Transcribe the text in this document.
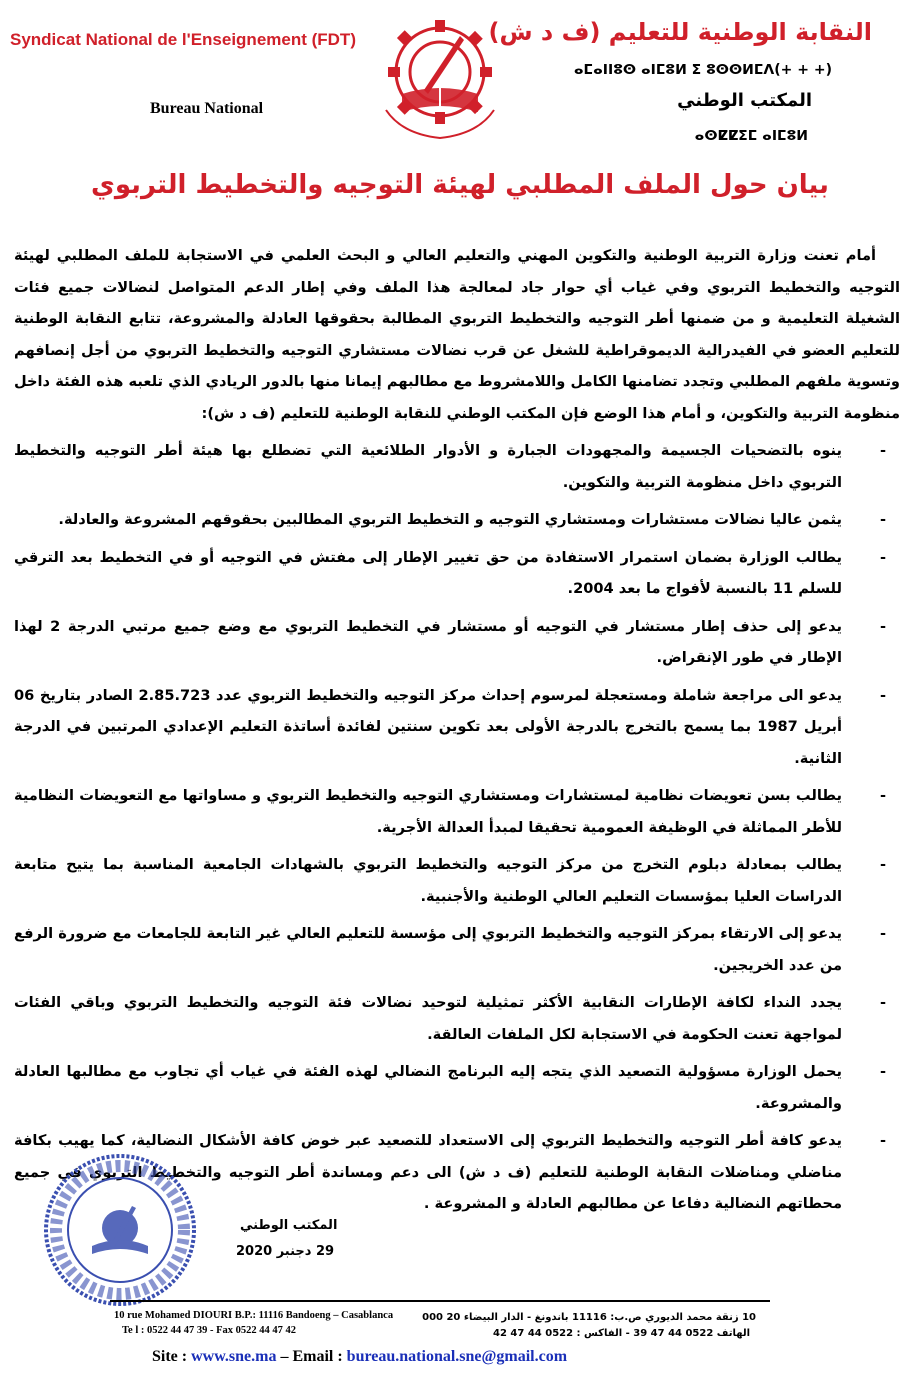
Syndicat National de l'Enseignement (FDT)
Bureau National
النقابة الوطنية للتعليم (ف د ش)
ⴰⵎⴰⵏⵏⵓⵙ ⴰⵏⵎⵓⵍ ⵉ ⵓⵙⵙⵍⵎⴷ(+ + +)
المكتب الوطني
ⴰⵙⵇⵇⵉⵎ ⴰⵏⵎⵓⵍ
بيان حول الملف المطلبي لهيئة التوجيه والتخطيط التربوي

أمام تعنت وزارة التربية الوطنية والتكوين المهني والتعليم العالي و البحث العلمي في الاستجابة للملف المطلبي لهيئة التوجيه والتخطيط التربوي وفي غياب أي حوار جاد لمعالجة هذا الملف وفي إطار الدعم المتواصل لنضالات جميع فئات الشغيلة التعليمية و من ضمنها أطر التوجيه والتخطيط التربوي المطالبة بحقوقها العادلة والمشروعة، تتابع النقابة الوطنية للتعليم العضو في الفيدرالية الديموقراطية للشغل عن قرب نضالات مستشاري التوجيه والتخطيط التربوي من أجل إنصافهم وتسوية ملفهم المطلبي وتجدد تضامنها الكامل واللامشروط مع مطالبهم إيمانا منها بالدور الريادي الذي تلعبه هذه الفئة داخل منظومة التربية والتكوين، و أمام هذا الوضع فإن المكتب الوطني للنقابة الوطنية للتعليم (ف د ش):

- ينوه بالتضحيات الجسيمة والمجهودات الجبارة و الأدوار الطلائعية التي تضطلع بها هيئة أطر التوجيه والتخطيط التربوي داخل منظومة التربية والتكوين.
- يثمن عاليا نضالات مستشارات ومستشاري التوجيه و التخطيط التربوي المطالبين بحقوقهم المشروعة والعادلة.
- يطالب الوزارة بضمان استمرار الاستفادة من حق تغيير الإطار إلى مفتش في التوجيه أو في التخطيط بعد الترقي للسلم 11 بالنسبة لأفواج ما بعد 2004.
- يدعو إلى حذف إطار مستشار في التوجيه أو مستشار في التخطيط التربوي مع وضع جميع مرتبي الدرجة 2 لهذا الإطار في طور الإنقراض.
- يدعو الى مراجعة شاملة ومستعجلة لمرسوم إحداث مركز التوجيه والتخطيط التربوي عدد 2.85.723 الصادر بتاريخ 06 أبريل 1987 بما يسمح بالتخرج بالدرجة الأولى بعد تكوين سنتين لفائدة أساتذة التعليم الإعدادي المرتبين في الدرجة الثانية.
- يطالب بسن تعويضات نظامية لمستشارات ومستشاري التوجيه والتخطيط التربوي و مساواتها مع التعويضات النظامية للأطر المماثلة في الوظيفة العمومية تحقيقا لمبدأ العدالة الأجرية.
- يطالب بمعادلة دبلوم التخرج من مركز التوجيه والتخطيط التربوي بالشهادات الجامعية المناسبة بما يتيح متابعة الدراسات العليا بمؤسسات التعليم العالي الوطنية والأجنبية.
- يدعو إلى الارتقاء بمركز التوجيه والتخطيط التربوي إلى مؤسسة للتعليم العالي غير التابعة للجامعات مع ضرورة الرفع من عدد الخريجين.
- يجدد النداء لكافة الإطارات النقابية الأكثر تمثيلية لتوحيد نضالات فئة التوجيه والتخطيط التربوي وباقي الفئات لمواجهة تعنت الحكومة في الاستجابة لكل الملفات العالقة.
- يحمل الوزارة مسؤولية التصعيد الذي يتجه إليه البرنامج النضالي لهذه الفئة في غياب أي تجاوب مع مطالبها العادلة والمشروعة.
- يدعو كافة أطر التوجيه والتخطيط التربوي إلى الاستعداد للتصعيد عبر خوض كافة الأشكال النضالية، كما يهيب بكافة مناضلي ومناضلات النقابة الوطنية للتعليم (ف د ش) الى دعم ومساندة أطر التوجيه والتخطيط التربوي في جميع محطاتهم النضالية دفاعا عن مطالبهم العادلة و المشروعة .
المكتب الوطني
29 دجنبر 2020
10 rue Mohamed DIOURI B.P.: 11116 Bandoeng – Casablanca
Te l : 0522 44 47 39 - Fax 0522 44 47 42
10 زنقة محمد الديوري ص.ب: 11116 باندونغ - الدار البيضاء 20 000
الهاتف 0522 44 47 39 - الفاكس : 0522 44 47 42
Site : www.sne.ma – Email : bureau.national.sne@gmail.com
